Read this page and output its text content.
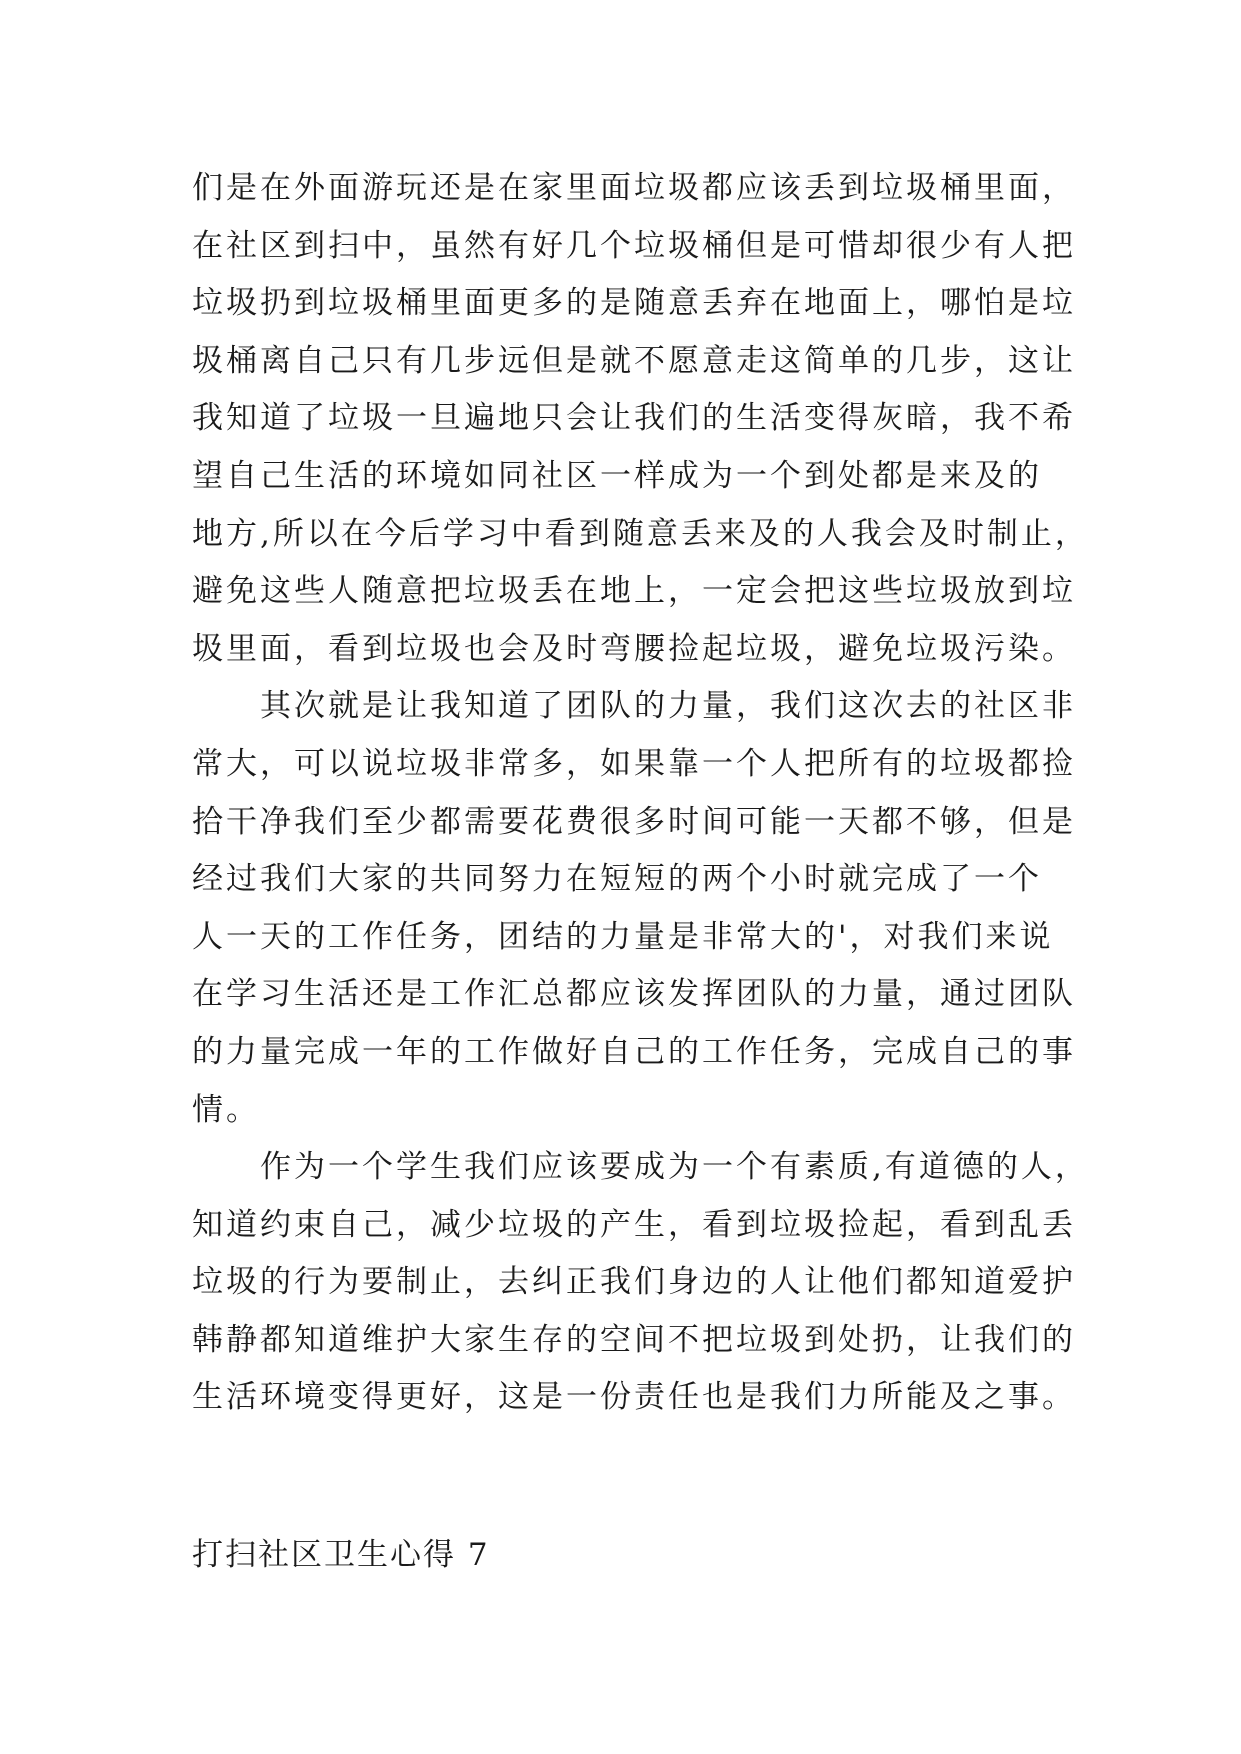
们是在外面游玩还是在家里面垃圾都应该丢到垃圾桶里面，
在社区到扫中，虽然有好几个垃圾桶但是可惜却很少有人把
垃圾扔到垃圾桶里面更多的是随意丢弃在地面上，哪怕是垃
圾桶离自己只有几步远但是就不愿意走这简单的几步，这让
我知道了垃圾一旦遍地只会让我们的生活变得灰暗，我不希
望自己生活的环境如同社区一样成为一个到处都是来及的
地方,所以在今后学习中看到随意丢来及的人我会及时制止，
避免这些人随意把垃圾丢在地上，一定会把这些垃圾放到垃
圾里面，看到垃圾也会及时弯腰捡起垃圾，避免垃圾污染。
其次就是让我知道了团队的力量，我们这次去的社区非
常大，可以说垃圾非常多，如果靠一个人把所有的垃圾都捡
拾干净我们至少都需要花费很多时间可能一天都不够，但是
经过我们大家的共同努力在短短的两个小时就完成了一个
人一天的工作任务，团结的力量是非常大的'，对我们来说
在学习生活还是工作汇总都应该发挥团队的力量，通过团队
的力量完成一年的工作做好自己的工作任务，完成自己的事
情。
作为一个学生我们应该要成为一个有素质,有道德的人，
知道约束自己，减少垃圾的产生，看到垃圾捡起，看到乱丢
垃圾的行为要制止，去纠正我们身边的人让他们都知道爱护
韩静都知道维护大家生存的空间不把垃圾到处扔，让我们的
生活环境变得更好，这是一份责任也是我们力所能及之事。
打扫社区卫生心得 7
